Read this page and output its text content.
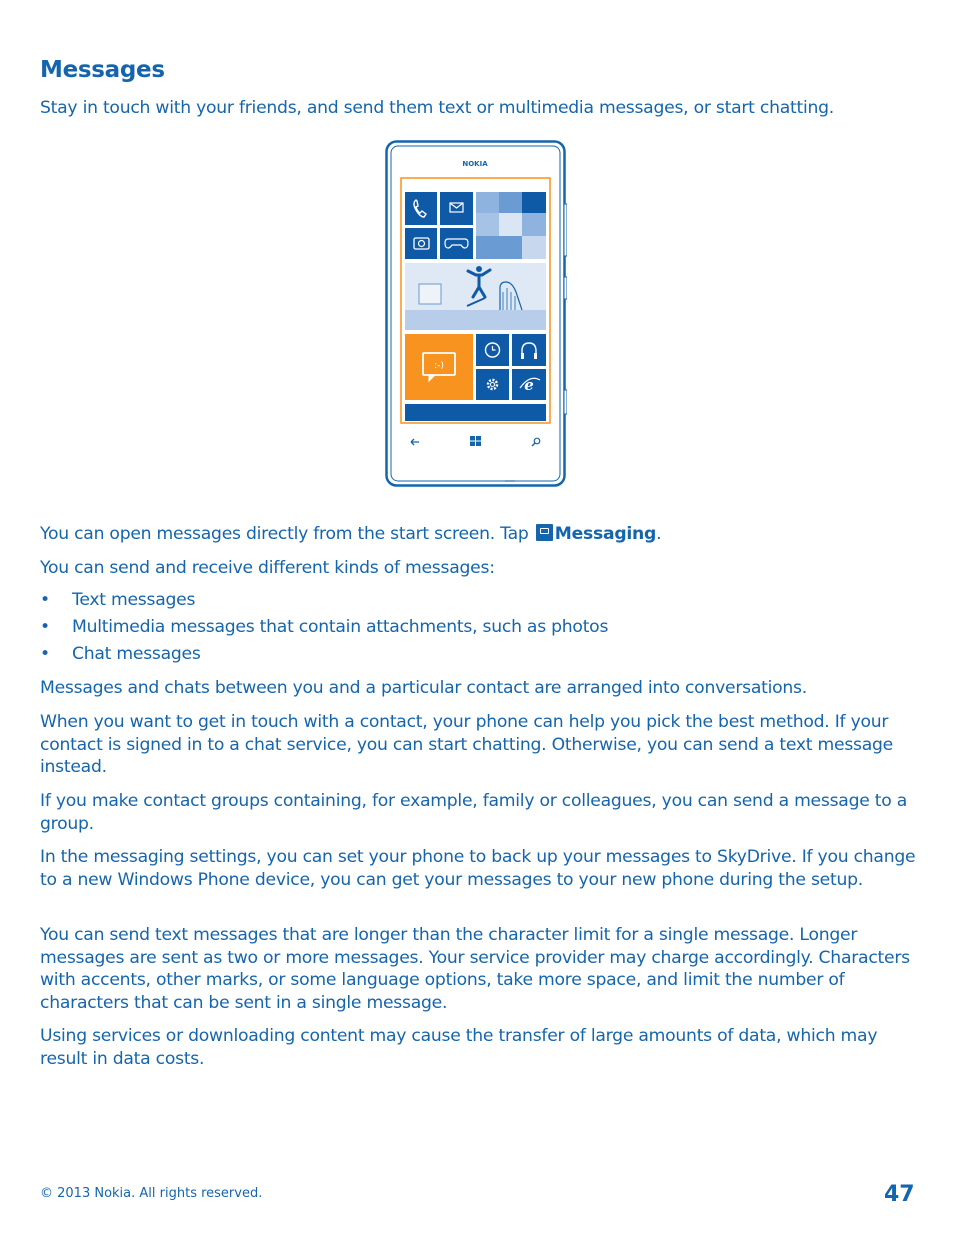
Messages

Stay in touch with your friends, and send them text or multimedia messages, or start chatting.

You can open messages directly from the start screen. Tap Messaging.

You can send and receive different kinds of messages:

• Text messages
• Multimedia messages that contain attachments, such as photos
• Chat messages

Messages and chats between you and a particular contact are arranged into conversations.

When you want to get in touch with a contact, your phone can help you pick the best method. If your contact is signed in to a chat service, you can start chatting. Otherwise, you can send a text message instead.

If you make contact groups containing, for example, family or colleagues, you can send a message to a group.

In the messaging settings, you can set your phone to back up your messages to SkyDrive. If you change to a new Windows Phone device, you can get your messages to your new phone during the setup.

You can send text messages that are longer than the character limit for a single message. Longer messages are sent as two or more messages. Your service provider may charge accordingly. Characters with accents, other marks, or some language options, take more space, and limit the number of characters that can be sent in a single message.

Using services or downloading content may cause the transfer of large amounts of data, which may result in data costs.

NOKIA
:-)
e
© 2013 Nokia. All rights reserved.	47
